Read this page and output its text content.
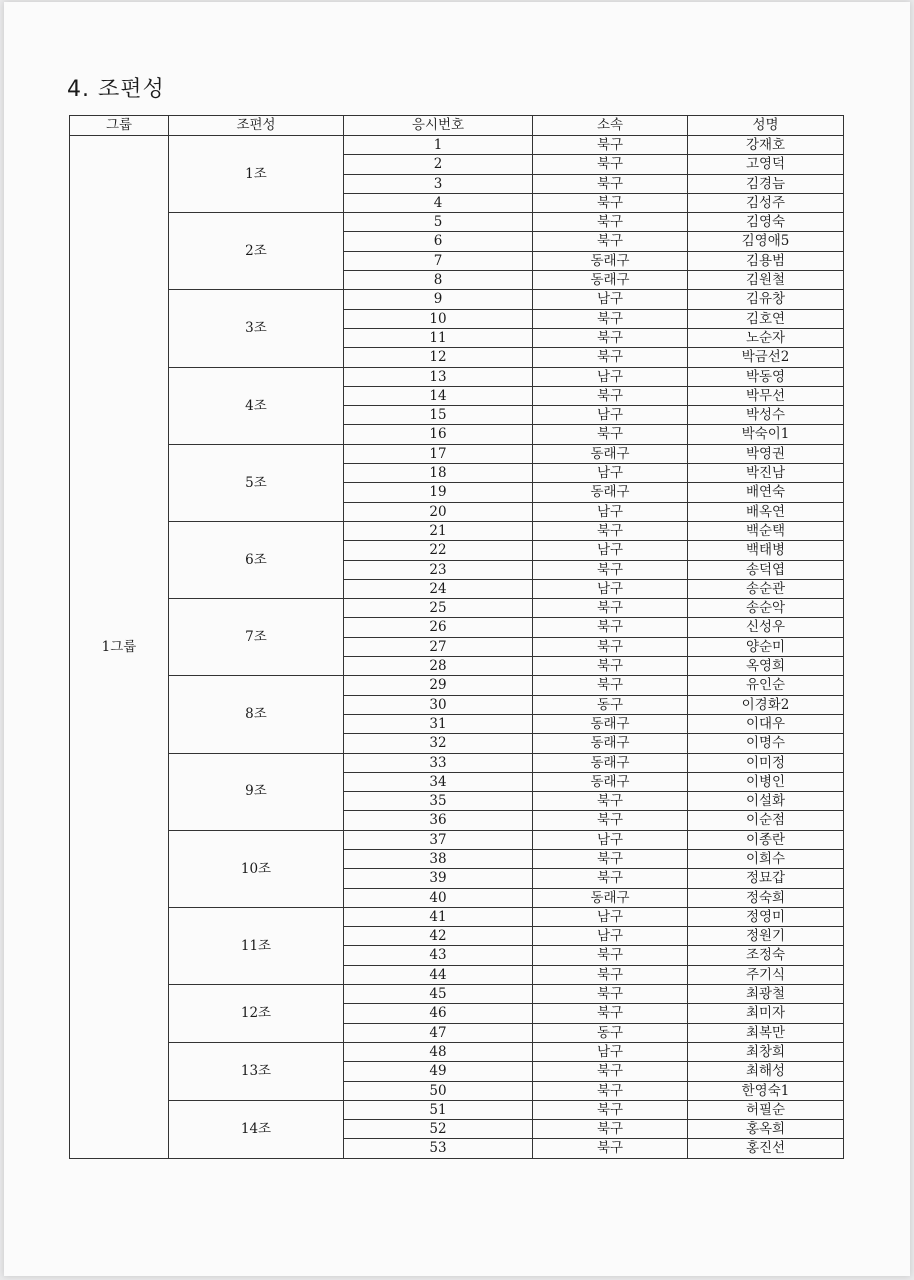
4. 조편성
그룹	조편성	응시번호	소속	성명
1그룹	1조	1	북구	강재호
		2	북구	고영덕
		3	북구	김경늠
		4	북구	김성주
	2조	5	북구	김영숙
		6	북구	김영애5
		7	동래구	김용범
		8	동래구	김원철
	3조	9	남구	김유창
		10	북구	김호연
		11	북구	노순자
		12	북구	박금선2
	4조	13	남구	박동영
		14	북구	박무선
		15	남구	박성수
		16	북구	박숙이1
	5조	17	동래구	박영권
		18	남구	박진남
		19	동래구	배연숙
		20	남구	배옥연
	6조	21	북구	백순택
		22	남구	백태병
		23	북구	송덕엽
		24	남구	송순관
	7조	25	북구	송순악
		26	북구	신성우
		27	북구	양순미
		28	북구	옥영희
	8조	29	북구	유인순
		30	동구	이경화2
		31	동래구	이대우
		32	동래구	이명수
	9조	33	동래구	이미정
		34	동래구	이병인
		35	북구	이설화
		36	북구	이순점
	10조	37	남구	이종란
		38	북구	이희수
		39	북구	정묘갑
		40	동래구	정숙희
	11조	41	남구	정영미
		42	남구	정원기
		43	북구	조정숙
		44	북구	주기식
	12조	45	북구	최광철
		46	북구	최미자
		47	동구	최복만
	13조	48	남구	최창희
		49	북구	최해성
		50	북구	한영숙1
	14조	51	북구	허필순
		52	북구	홍옥희
		53	북구	홍진선
